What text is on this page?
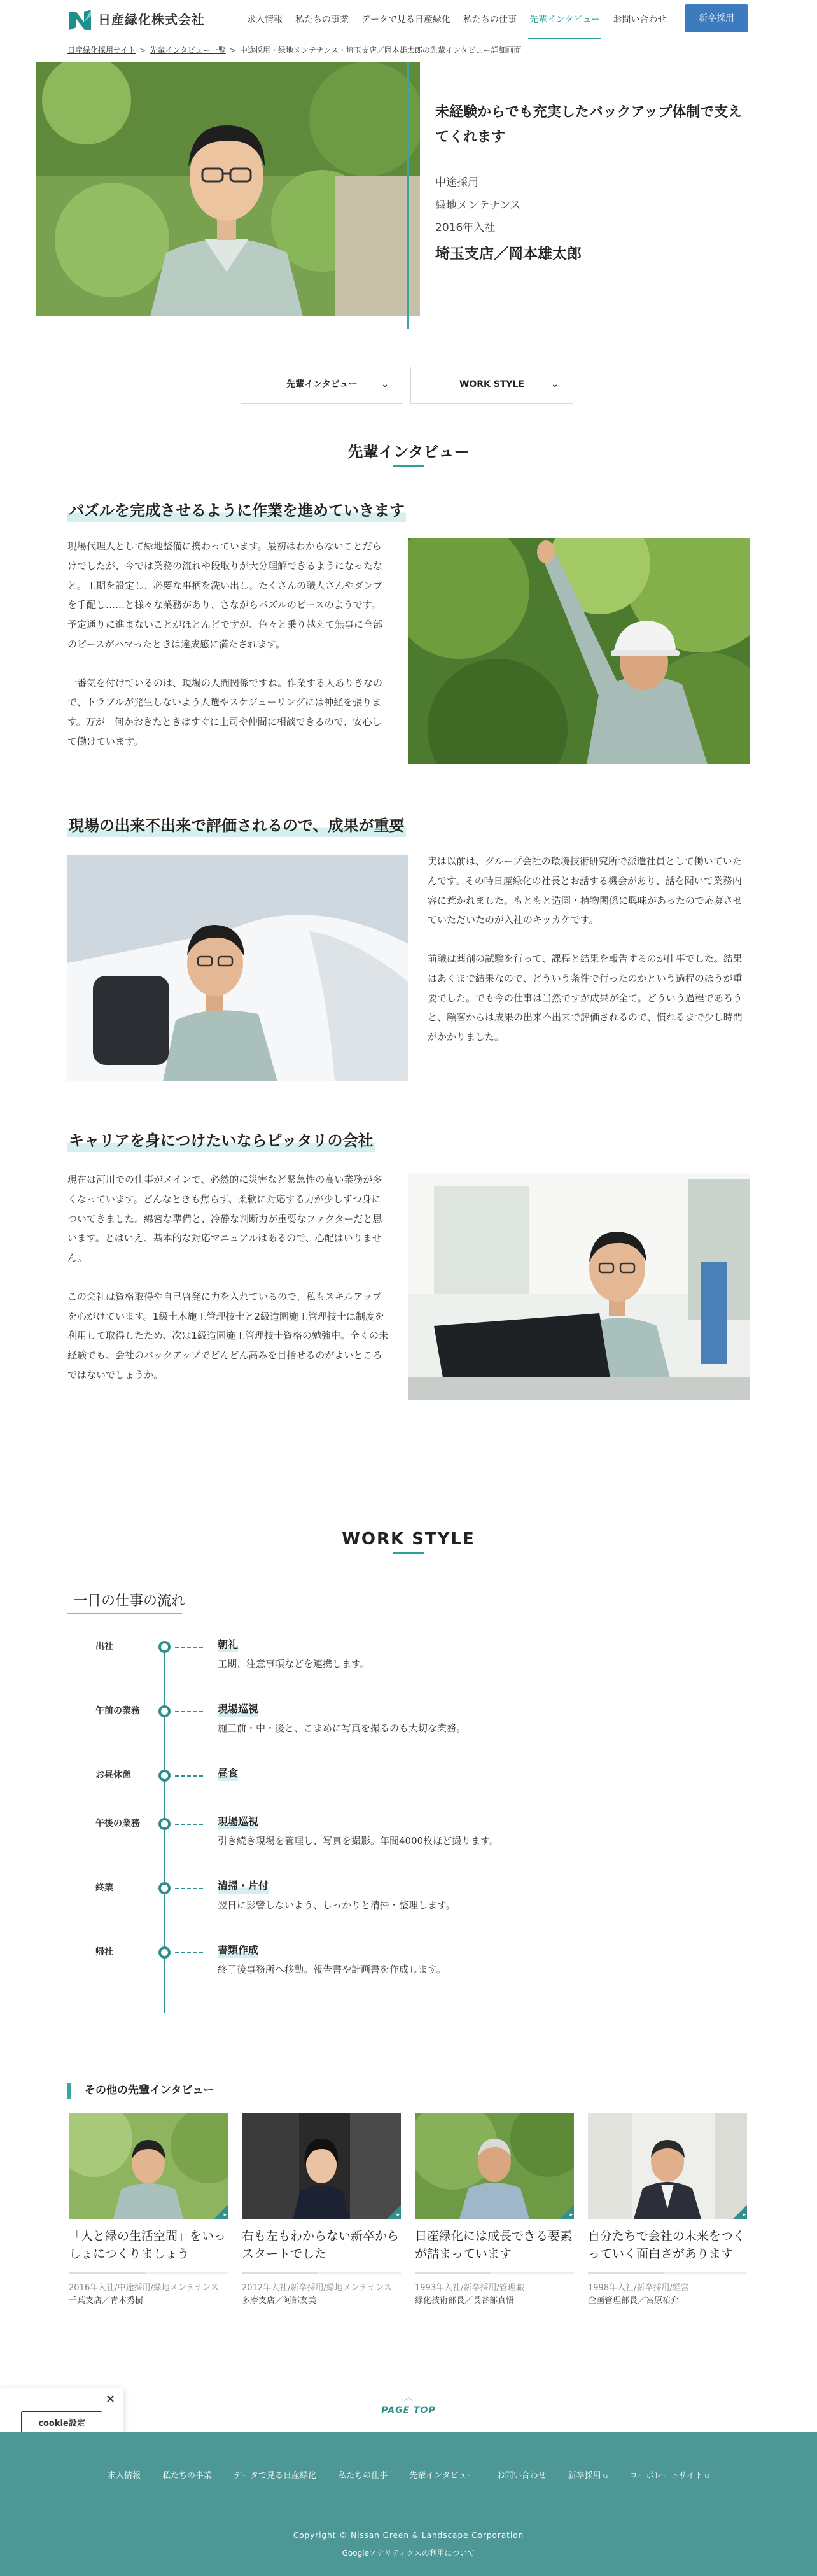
日産緑化株式会社	求人情報	私たちの事業	データで見る日産緑化	私たちの仕事	先輩インタビュー	お問い合わせ	新卒採用
日産緑化採用サイト > 先輩インタビュー一覧 > 中途採用・緑地メンテナンス・埼玉支店／岡本雄太郎の先輩インタビュー詳細画面
未経験からでも充実したバックアップ体制で支えてくれます
中途採用
緑地メンテナンス
2016年入社
埼玉支店／岡本雄太郎
先輩インタビュー	⌄	WORK STYLE	⌄
先輩インタビュー
パズルを完成させるように作業を進めていきます

現場代理人として緑地整備に携わっています。最初はわからないことだらけでしたが、今では業務の流れや段取りが大分理解できるようになったなと。工期を設定し、必要な事柄を洗い出し。たくさんの職人さんやダンプを手配し……と様々な業務があり、さながらパズルのピースのようです。予定通りに進まないことがほとんどですが、色々と乗り越えて無事に全部のピースがハマったときは達成感に満たされます。

一番気を付けているのは、現場の人間関係ですね。作業する人ありきなので、トラブルが発生しないよう人選やスケジューリングには神経を張ります。万が一何かおきたときはすぐに上司や仲間に相談できるので、安心して働けています。

現場の出来不出来で評価されるので、成果が重要

実は以前は、グループ会社の環境技術研究所で派遣社員として働いていたんです。その時日産緑化の社長とお話する機会があり、話を聞いて業務内容に惹かれました。もともと造園・植物関係に興味があったので応募させていただいたのが入社のキッカケです。

前職は薬剤の試験を行って、課程と結果を報告するのが仕事でした。結果はあくまで結果なので、どういう条件で行ったのかという過程のほうが重要でした。でも今の仕事は当然ですが成果が全て。どういう過程であろうと、顧客からは成果の出来不出来で評価されるので、慣れるまで少し時間がかかりました。

キャリアを身につけたいならピッタリの会社

現在は河川での仕事がメインで、必然的に災害など緊急性の高い業務が多くなっています。どんなときも焦らず、柔軟に対応する力が少しずつ身についてきました。綿密な準備と、冷静な判断力が重要なファクターだと思います。とはいえ、基本的な対応マニュアルはあるので、心配はいりません。

この会社は資格取得や自己啓発に力を入れているので、私もスキルアップを心がけています。1級土木施工管理技士と2級造園施工管理技士は制度を利用して取得したため、次は1級造園施工管理技士資格の勉強中。全くの未経験でも、会社のバックアップでどんどん高みを目指せるのがよいところではないでしょうか。

WORK STYLE
一日の仕事の流れ
出社	朝礼
工期、注意事項などを連携します。
午前の業務	現場巡視
施工前・中・後と、こまめに写真を撮るのも大切な業務。
お昼休憩	昼食
午後の業務	現場巡視
引き続き現場を管理し、写真を撮影。年間4000枚ほど撮ります。
終業	清掃・片付
翌日に影響しないよう、しっかりと清掃・整理します。
帰社	書類作成
終了後事務所へ移動。報告書や計画書を作成します。
その他の先輩インタビュー
▸
「人と緑の生活空間」をいっしょにつくりましょう
2016年入社/中途採用/緑地メンテナンス
千葉支店／青木秀樹
▸
右も左もわからない新卒からスタートでした
2012年入社/新卒採用/緑地メンテナンス
多摩支店／阿部友美
▸
日産緑化には成長できる要素が詰まっています
1993年入社/新卒採用/管理職
緑化技術部長／長谷部真悟
▸
自分たちで会社の未来をつくっていく面白さがあります
1998年入社/新卒採用/経営
企画管理部長／宮原祐介
×
cookie設定
︿
PAGE TOP
求人情報	私たちの事業	データで見る日産緑化	私たちの仕事	先輩インタビュー	お問い合わせ	新卒採用 ⧉	コーポレートサイト ⧉
Copyright © Nissan Green & Landscape Corporation
Googleアナリティクスの利用について
